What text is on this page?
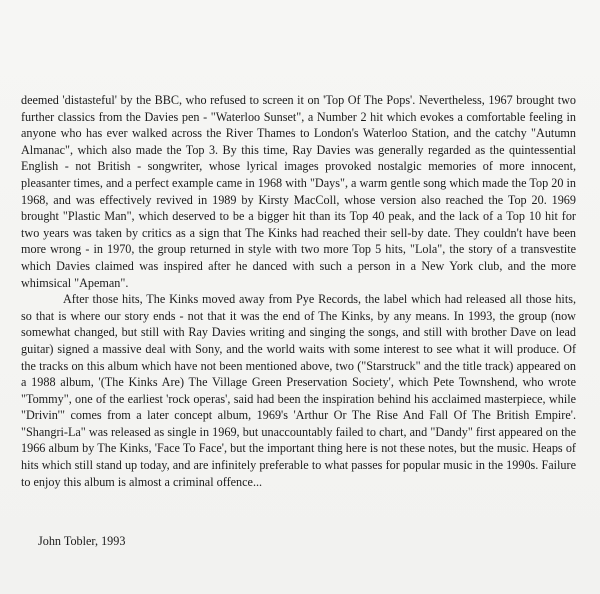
deemed 'distasteful' by the BBC, who refused to screen it on 'Top Of The Pops'. Nevertheless, 1967 brought two further classics from the Davies pen - "Waterloo Sunset", a Number 2 hit which evokes a comfortable feeling in anyone who has ever walked across the River Thames to London's Waterloo Station, and the catchy "Autumn Almanac", which also made the Top 3. By this time, Ray Davies was generally regarded as the quintessential English - not British - songwriter, whose lyrical images provoked nostalgic memories of more innocent, pleasanter times, and a perfect example came in 1968 with "Days", a warm gentle song which made the Top 20 in 1968, and was effectively revived in 1989 by Kirsty MacColl, whose version also reached the Top 20. 1969 brought "Plastic Man", which deserved to be a bigger hit than its Top 40 peak, and the lack of a Top 10 hit for two years was taken by critics as a sign that The Kinks had reached their sell-by date. They couldn't have been more wrong - in 1970, the group returned in style with two more Top 5 hits, "Lola", the story of a transvestite which Davies claimed was inspired after he danced with such a person in a New York club, and the more whimsical "Apeman".

After those hits, The Kinks moved away from Pye Records, the label which had released all those hits, so that is where our story ends - not that it was the end of The Kinks, by any means. In 1993, the group (now somewhat changed, but still with Ray Davies writing and singing the songs, and still with brother Dave on lead guitar) signed a massive deal with Sony, and the world waits with some interest to see what it will produce. Of the tracks on this album which have not been mentioned above, two ("Starstruck" and the title track) appeared on a 1988 album, '(The Kinks Are) The Village Green Preservation Society', which Pete Townshend, who wrote "Tommy", one of the earliest 'rock operas', said had been the inspiration behind his acclaimed masterpiece, while "Drivin'" comes from a later concept album, 1969's 'Arthur Or The Rise And Fall Of The British Empire'. "Shangri-La" was released as single in 1969, but unaccountably failed to chart, and "Dandy" first appeared on the 1966 album by The Kinks, 'Face To Face', but the important thing here is not these notes, but the music. Heaps of hits which still stand up today, and are infinitely preferable to what passes for popular music in the 1990s. Failure to enjoy this album is almost a criminal offence...

John Tobler, 1993
